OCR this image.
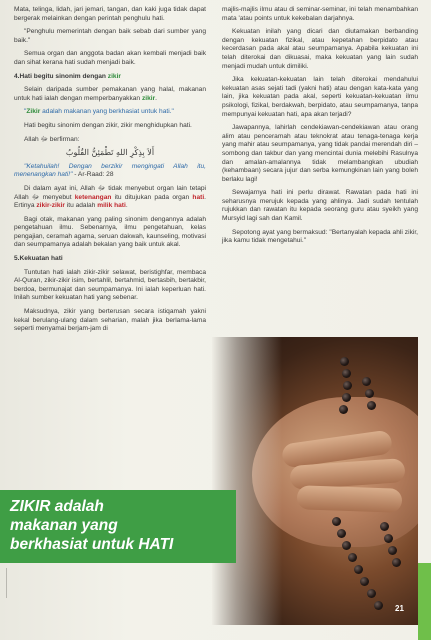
Mata, telinga, lidah, jari jemari, tangan, dan kaki juga tidak dapat bergerak melainkan dengan perintah penghulu hati.

"Penghulu memerintah dengan baik sebab dari sumber yang baik."

Semua organ dan anggota badan akan kembali menjadi baik dan sihat kerana hati sudah menjadi baik.

4.Hati begitu sinonim dengan zikir

Selain daripada sumber pemakanan yang halal, makanan untuk hati ialah dengan memperbanyakkan zikir.

"Zikir adalah makanan yang berkhasiat untuk hati."

Hati begitu sinonim dengan zikir, zikir menghidupkan hati.

Allah ﷻ berfirman:

أَلاَ بِذِكْرِ اللهِ تَطْمَئِنُّ القُلُوبُ

"Ketahuilah! Dengan berzikir mengingati Allah itu, menenangkan hati!" - Ar-Raad: 28

Di dalam ayat ini, Allah ﷻ tidak menyebut organ lain tetapi Allah ﷻ menyebut ketenangan itu ditujukan pada organ hati. Ertinya zikir-zikir itu adalah milik hati.

Bagi otak, makanan yang paling sinonim dengannya adalah pengetahuan ilmu. Sebenarnya, ilmu pengetahuan, kelas pengajian, ceramah agama, seruan dakwah, kaunseling, motivasi dan seumpamanya adalah bekalan yang baik untuk akal.

5.Kekuatan hati

Tuntutan hati ialah zikir-zikir selawat, beristighfar, membaca Al-Quran, zikir-zikir isim, bertahlil, bertahmid, bertasbih, bertakbir, berdoa, bermunajat dan seumpamanya. Ini ialah keperluan hati. Inilah sumber kekuatan hati yang sebenar.

Maksudnya, zikir yang berterusan secara istiqamah yakni kekal berulang-ulang dalam seharian, malah jika berlama-lama seperti menyamai berjam-jam di

majlis-majlis ilmu atau di seminar-seminar, ini telah menambahkan mata 'atau points untuk kekebalan darjahnya.

Kekuatan inilah yang dicari dan diutamakan berbanding dengan kekuatan fizikal, atau kepetahan berpidato atau kecerdasan pada akal atau seumpamanya. Apabila kekuatan ini telah diterokai dan dikuasai, maka kekuatan yang lain sudah menjadi mudah untuk dimiliki.

Jika kekuatan-kekuatan lain telah diterokai mendahului kekuatan asas sejati tadi (yakni hati) atau dengan kata-kata yang lain, jika kekuatan pada akal, seperti kekuatan-kekuatan ilmu psikologi, fizikal, berdakwah, berpidato, atau seumpamanya, tanpa mempunyai kekuatan hati, apa akan terjadi?

Jawapannya, lahirlah cendekiawan-cendekiawan atau orang alim atau penceramah atau teknokrat atau tenaga-tenaga kerja yang mahir atau seumpamanya, yang tidak pandai merendah diri – sombong dan takbur dan yang mencintai dunia melebihi Rasulnya dan amalan-amalannya tidak melambangkan ubudiah (kehambaan) secara jujur dan serba kemungkinan lain yang boleh berlaku lagi!

Sewajarnya hati ini perlu dirawat. Rawatan pada hati ini seharusnya merujuk kepada yang ahlinya. Jadi sudah tentulah rujukkan dan rawatan itu kepada seorang guru atau syeikh yang Mursyid lagi sah dan Kamil.

Sepotong ayat yang bermaksud: "Bertanyalah kepada ahli zikir, jika kamu tidak mengetahui."

ZIKIR adalah
makanan yang
berkhasiat untuk HATI
21
